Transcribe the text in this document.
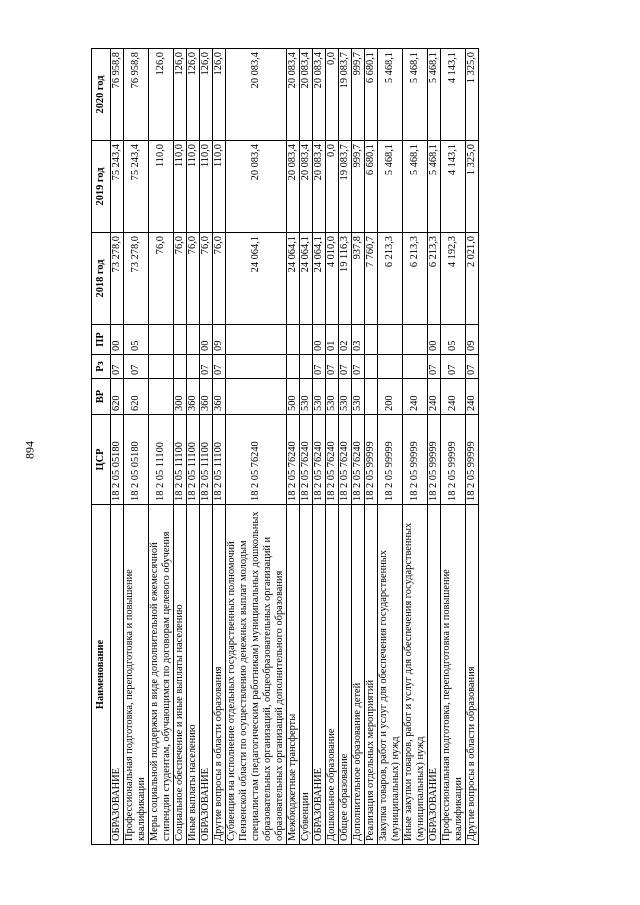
894
Наименование	ЦСР	ВР	Рз	ПР	2018 год	2019 год	2020 год
ОБРАЗОВАНИЕ	18 2 05 05180	620	07	00	73 278,0	75 243,4	76 958,8
Профессиональная подготовка, переподготовка и повышение квалификации	18 2 05 05180	620	07	05	73 278,0	75 243,4	76 958,8
Меры социальной поддержки в виде дополнительной ежемесячной стипендии студентам, обучающимся по договорам целевого обучения	18 2 05 11100				76,0	110,0	126,0
Социальное обеспечение и иные выплаты населению	18 2 05 11100	300			76,0	110,0	126,0
Иные выплаты населению	18 2 05 11100	360			76,0	110,0	126,0
ОБРАЗОВАНИЕ	18 2 05 11100	360	07	00	76,0	110,0	126,0
Другие вопросы в области образования	18 2 05 11100	360	07	09	76,0	110,0	126,0
Субвенция на исполнение отдельных государственных полномочий Пензенской области по осуществлению денежных выплат молодым специалистам (педагогическим работникам) муниципальных дошкольных образовательных организаций, общеобразовательных организаций и образовательных организаций дополнительного образования	18 2 05 76240				24 064,1	20 083,4	20 083,4
Межбюджетные трансферты	18 2 05 76240	500			24 064,1	20 083,4	20 083,4
Субвенции	18 2 05 76240	530			24 064,1	20 083,4	20 083,4
ОБРАЗОВАНИЕ	18 2 05 76240	530	07	00	24 064,1	20 083,4	20 083,4
Дошкольное образование	18 2 05 76240	530	07	01	4 010,0	0,0	0,0
Общее образование	18 2 05 76240	530	07	02	19 116,3	19 083,7	19 083,7
Дополнительное образование детей	18 2 05 76240	530	07	03	937,8	999,7	999,7
Реализация отдельных мероприятий	18 2 05 99999				7 760,7	6 680,1	6 680,1
Закупка товаров, работ и услуг для обеспечения государственных (муниципальных) нужд	18 2 05 99999	200			6 213,3	5 468,1	5 468,1
Иные закупки товаров, работ и услуг для обеспечения государственных (муниципальных) нужд	18 2 05 99999	240			6 213,3	5 468,1	5 468,1
ОБРАЗОВАНИЕ	18 2 05 99999	240	07	00	6 213,3	5 468,1	5 468,1
Профессиональная подготовка, переподготовка и повышение квалификации	18 2 05 99999	240	07	05	4 192,3	4 143,1	4 143,1
Другие вопросы в области образования	18 2 05 99999	240	07	09	2 021,0	1 325,0	1 325,0
